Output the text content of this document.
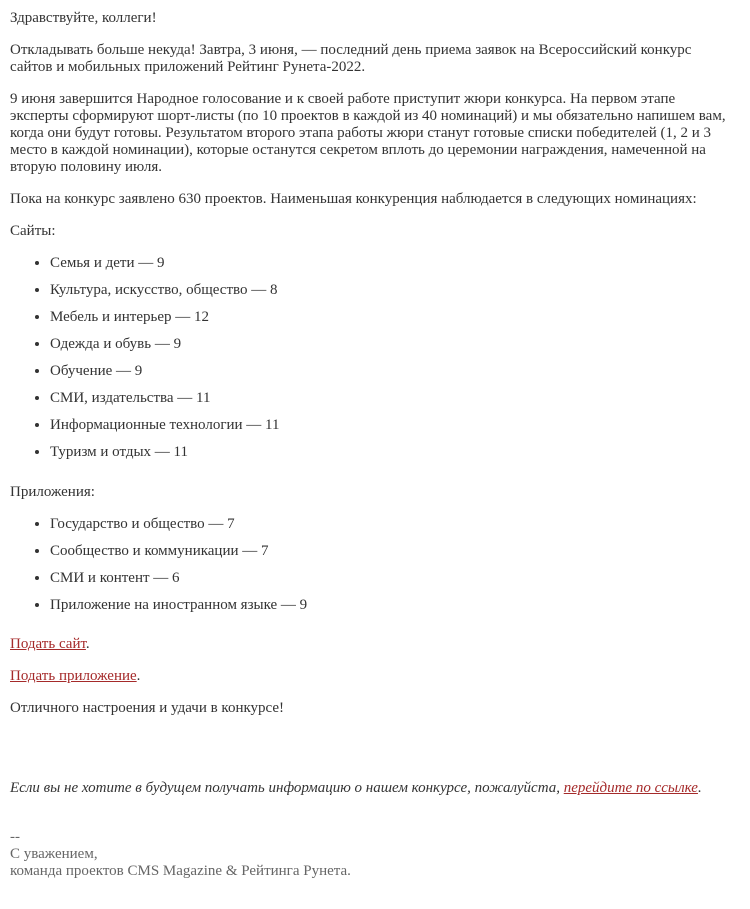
Здравствуйте, коллеги!

Откладывать больше некуда! Завтра, 3 июня, — последний день приема заявок на Всероссийский конкурс сайтов и мобильных приложений Рейтинг Рунета-2022.

9 июня завершится Народное голосование и к своей работе приступит жюри конкурса. На первом этапе эксперты сформируют шорт-листы (по 10 проектов в каждой из 40 номинаций) и мы обязательно напишем вам, когда они будут готовы. Результатом второго этапа работы жюри станут готовые списки победителей (1, 2 и 3 место в каждой номинации), которые останутся секретом вплоть до церемонии награждения, намеченной на вторую половину июля.

Пока на конкурс заявлено 630 проектов. Наименьшая конкуренция наблюдается в следующих номинациях:

Сайты:

• Семья и дети — 9
• Культура, искусство, общество — 8
• Мебель и интерьер — 12
• Одежда и обувь — 9
• Обучение — 9
• СМИ, издательства — 11
• Информационные технологии — 11
• Туризм и отдых — 11

Приложения:

• Государство и общество — 7
• Сообщество и коммуникации — 7
• СМИ и контент — 6
• Приложение на иностранном языке — 9

Подать сайт.

Подать приложение.

Отличного настроения и удачи в конкурсе!

Если вы не хотите в будущем получать информацию о нашем конкурсе, пожалуйста, перейдите по ссылке.

--
С уважением,
команда проектов CMS Magazine & Рейтинга Рунета.
